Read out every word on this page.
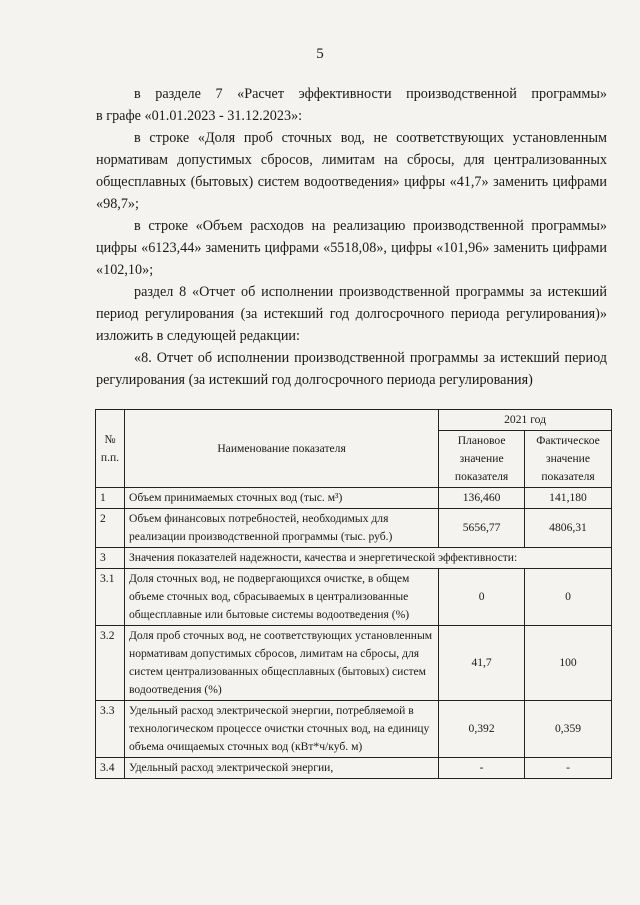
5

в разделе 7 «Расчет эффективности производственной программы»

в графе «01.01.2023 - 31.12.2023»:

в строке «Доля проб сточных вод, не соответствующих установленным нормативам допустимых сбросов, лимитам на сбросы, для централизованных общесплавных (бытовых) систем водоотведения» цифры «41,7» заменить цифрами «98,7»;

в строке «Объем расходов на реализацию производственной программы» цифры «6123,44» заменить цифрами «5518,08», цифры «101,96» заменить цифрами «102,10»;

раздел 8 «Отчет об исполнении производственной программы за истекший период регулирования (за истекший год долгосрочного периода регулирования)» изложить в следующей редакции:

«8. Отчет об исполнении производственной программы за истекший период регулирования (за истекший год долгосрочного периода регулирования)

№ п.п.	Наименование показателя	2021 год	
		Плановое значение показателя	Фактическое значение показателя
1	Объем принимаемых сточных вод (тыс. м³)	136,460	141,180
2	Объем финансовых потребностей, необходимых для реализации производственной программы (тыс. руб.)	5656,77	4806,31
3	Значения показателей надежности, качества и энергетической эффективности:		
3.1	Доля сточных вод, не подвергающихся очистке, в общем объеме сточных вод, сбрасываемых в централизованные общесплавные или бытовые системы водоотведения (%)	0	0
3.2	Доля проб сточных вод, не соответствующих установленным нормативам допустимых сбросов, лимитам на сбросы, для систем централизованных общесплавных (бытовых) систем водоотведения (%)	41,7	100
3.3	Удельный расход электрической энергии, потребляемой в технологическом процессе очистки сточных вод, на единицу объема очищаемых сточных вод (кВт*ч/куб. м)	0,392	0,359
3.4	Удельный расход электрической энергии,	-	-
